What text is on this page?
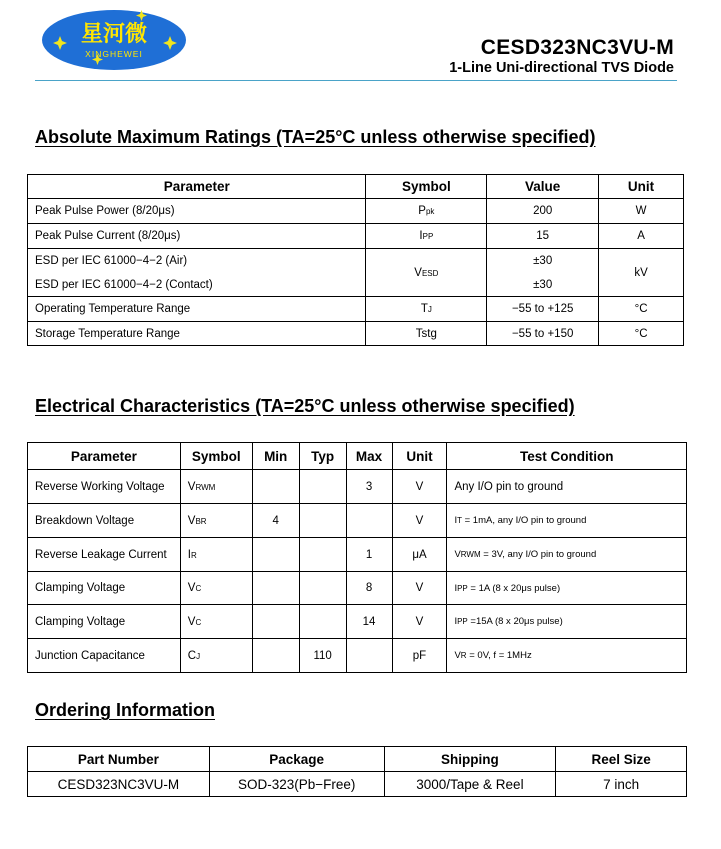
星河微
XINGHEWEI	CESD323NC3VU-M
1-Line Uni-directional TVS Diode
Absolute Maximum Ratings (TA=25°C unless otherwise specified)
Parameter	Symbol	Value	Unit
Peak Pulse Power (8/20μs)	Ppk	200	W
Peak Pulse Current (8/20μs)	IPP	15	A
ESD per IEC 61000−4−2 (Air)	VESD	±30	kV
ESD per IEC 61000−4−2 (Contact)		±30	
Operating Temperature Range	TJ	−55 to +125	°C
Storage Temperature Range	Tstg	−55 to +150	°C
Electrical Characteristics (TA=25°C unless otherwise specified)
Parameter	Symbol	Min	Typ	Max	Unit	Test Condition
Reverse Working Voltage	VRWM			3	V	Any I/O pin to ground
Breakdown Voltage	VBR	4			V	IT = 1mA, any I/O pin to ground
Reverse Leakage Current	IR			1	μA	VRWM = 3V, any I/O pin to ground
Clamping Voltage	VC			8	V	IPP = 1A (8 x 20μs pulse)
Clamping Voltage	VC			14	V	IPP =15A (8 x 20μs pulse)
Junction Capacitance	CJ		110		pF	VR = 0V, f = 1MHz
Ordering Information
Part Number	Package	Shipping	Reel Size
CESD323NC3VU-M	SOD-323(Pb−Free)	3000/Tape & Reel	7 inch
